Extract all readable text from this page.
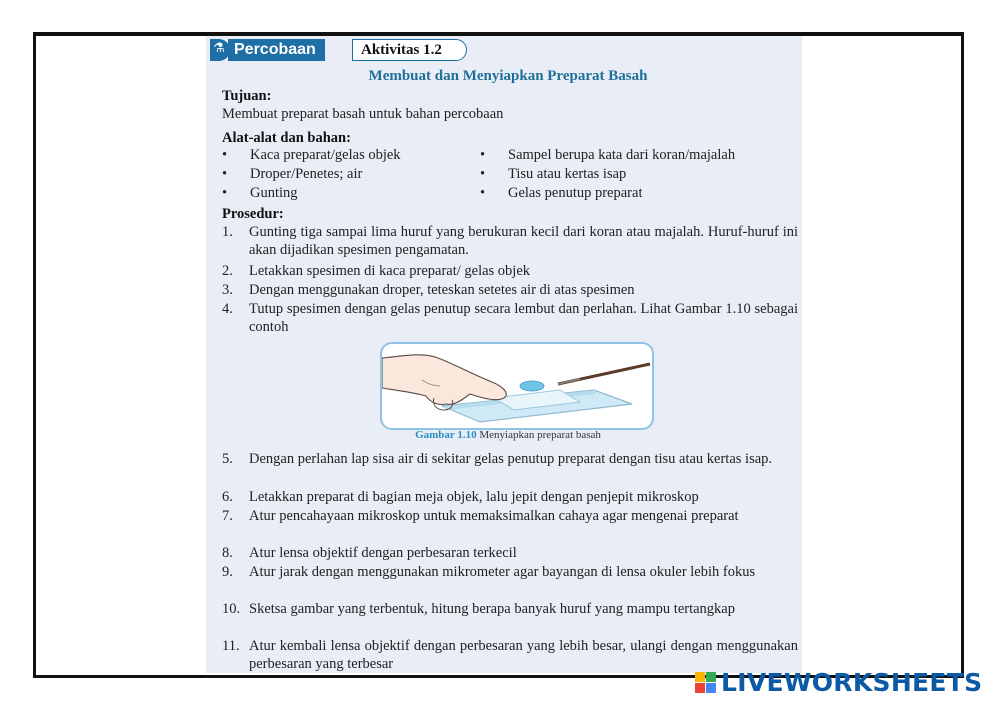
⚗ Percobaan	Aktivitas 1.2
Membuat dan Menyiapkan Preparat Basah
Tujuan:
Membuat preparat basah untuk bahan percobaan
Alat-alat dan bahan:
• Kaca preparat/gelas objek
• Droper/Penetes; air
• Gunting
• Sampel berupa kata dari koran/majalah
• Tisu atau kertas isap
• Gelas penutup preparat
Prosedur:
1. Gunting tiga sampai lima huruf yang berukuran kecil dari koran atau majalah. Huruf-huruf ini akan dijadikan spesimen pengamatan.
2. Letakkan spesimen di kaca preparat/ gelas objek
3. Dengan menggunakan droper, teteskan setetes air di atas spesimen
4. Tutup spesimen dengan gelas penutup secara lembut dan perlahan. Lihat Gambar 1.10 sebagai contoh
Gambar 1.10 Menyiapkan preparat basah
5. Dengan perlahan lap sisa air di sekitar gelas penutup preparat dengan tisu atau kertas isap.
6. Letakkan preparat di bagian meja objek, lalu jepit dengan penjepit mikroskop
7. Atur pencahayaan mikroskop untuk memaksimalkan cahaya agar mengenai preparat
8. Atur lensa objektif dengan perbesaran terkecil
9. Atur jarak dengan menggunakan mikrometer agar bayangan di lensa okuler lebih fokus
10. Sketsa gambar yang terbentuk, hitung berapa banyak huruf yang mampu tertangkap
11. Atur kembali lensa objektif dengan perbesaran yang lebih besar, ulangi dengan menggunakan perbesaran yang terbesar
LIVEWORKSHEETS
